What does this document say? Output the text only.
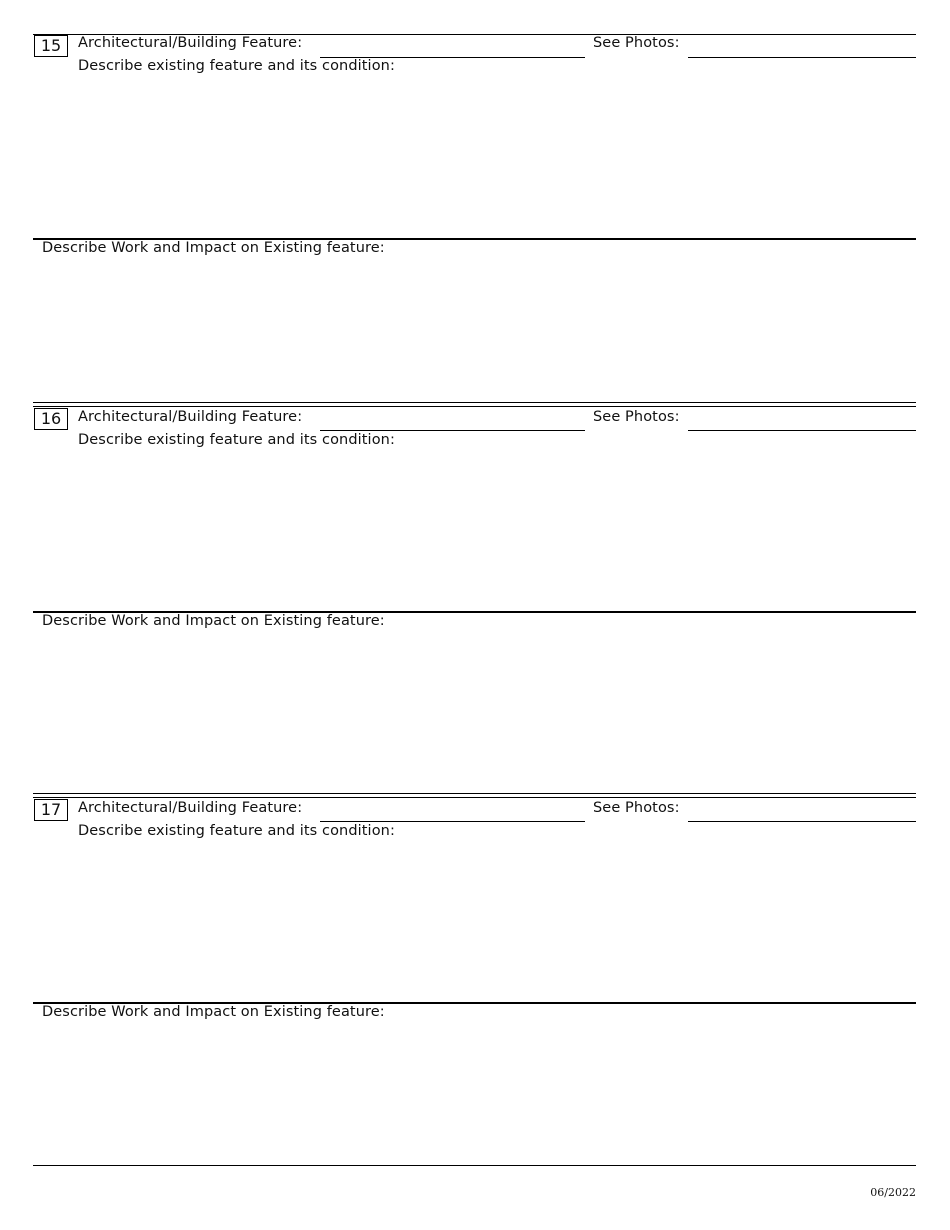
15	Architectural/Building Feature:	See Photos:
Describe existing feature and its condition:
Describe Work and Impact on Existing feature:
16	Architectural/Building Feature:	See Photos:
Describe existing feature and its condition:
Describe Work and Impact on Existing feature:
17	Architectural/Building Feature:	See Photos:
Describe existing feature and its condition:
Describe Work and Impact on Existing feature:
06/2022
